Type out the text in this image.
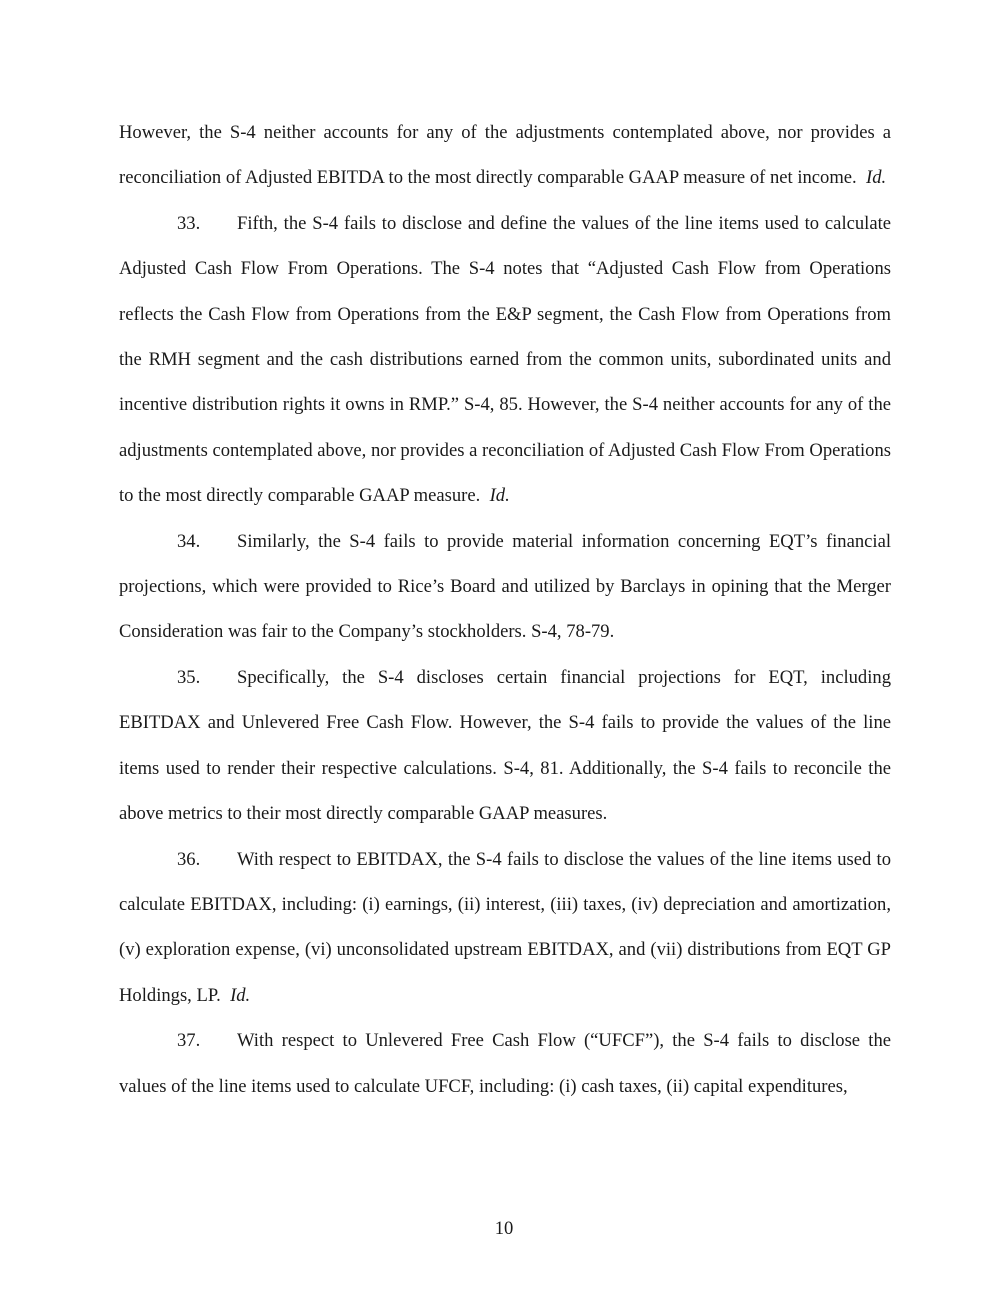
However, the S-4 neither accounts for any of the adjustments contemplated above, nor provides a reconciliation of Adjusted EBITDA to the most directly comparable GAAP measure of net income. Id.

33. Fifth, the S-4 fails to disclose and define the values of the line items used to calculate Adjusted Cash Flow From Operations. The S-4 notes that “Adjusted Cash Flow from Operations reflects the Cash Flow from Operations from the E&P segment, the Cash Flow from Operations from the RMH segment and the cash distributions earned from the common units, subordinated units and incentive distribution rights it owns in RMP.” S-4, 85. However, the S-4 neither accounts for any of the adjustments contemplated above, nor provides a reconciliation of Adjusted Cash Flow From Operations to the most directly comparable GAAP measure. Id.

34. Similarly, the S-4 fails to provide material information concerning EQT’s financial projections, which were provided to Rice’s Board and utilized by Barclays in opining that the Merger Consideration was fair to the Company’s stockholders. S-4, 78-79.

35. Specifically, the S-4 discloses certain financial projections for EQT, including EBITDAX and Unlevered Free Cash Flow. However, the S-4 fails to provide the values of the line items used to render their respective calculations. S-4, 81. Additionally, the S-4 fails to reconcile the above metrics to their most directly comparable GAAP measures.

36. With respect to EBITDAX, the S-4 fails to disclose the values of the line items used to calculate EBITDAX, including: (i) earnings, (ii) interest, (iii) taxes, (iv) depreciation and amortization, (v) exploration expense, (vi) unconsolidated upstream EBITDAX, and (vii) distributions from EQT GP Holdings, LP. Id.

37. With respect to Unlevered Free Cash Flow (“UFCF”), the S-4 fails to disclose the values of the line items used to calculate UFCF, including: (i) cash taxes, (ii) capital expenditures,

10
